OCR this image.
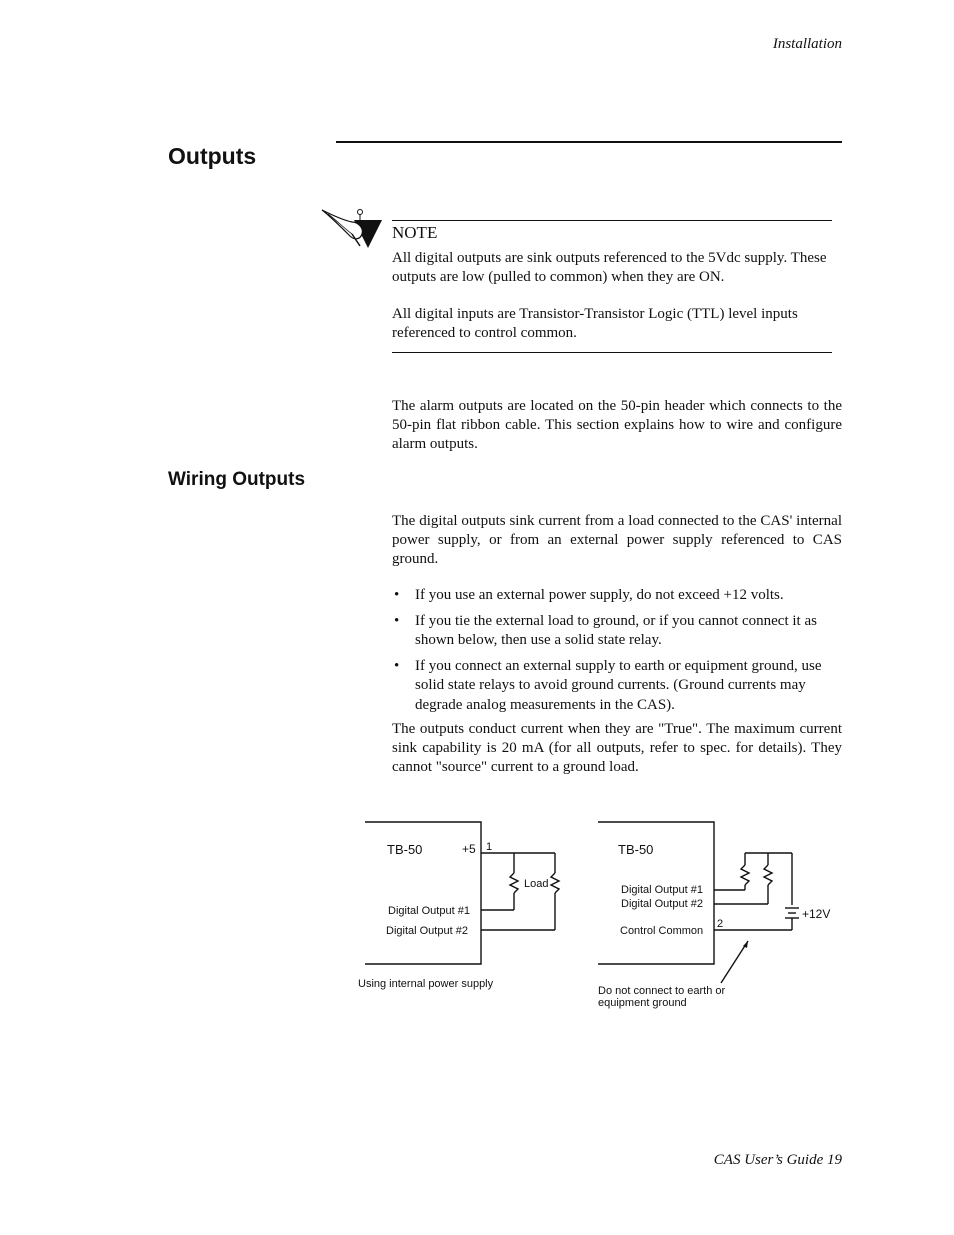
Installation
Outputs
NOTE

All digital outputs are sink outputs referenced to the 5Vdc supply. These outputs are low (pulled to common) when they are ON.

All digital inputs are Transistor-Transistor Logic (TTL) level inputs referenced to control common.

The alarm outputs are located on the 50-pin header which connects to the 50-pin flat ribbon cable. This section explains how to wire and configure alarm outputs.
Wiring Outputs
The digital outputs sink current from a load connected to the CAS' internal power supply, or from an external power supply referenced to CAS ground.
• If you use an external power supply, do not exceed +12 volts.
• If you tie the external load to ground, or if you cannot connect it as shown below, then use a solid state relay.
• If you connect an external supply to earth or equipment ground, use solid state relays to avoid ground currents. (Ground currents may degrade analog measurements in the CAS).
The outputs conduct current when they are "True". The maximum current sink capability is 20 mA (for all outputs, refer to spec. for details). They cannot "source" current to a ground load.
TB-50	+5 1
Load
Digital Output #1
Digital Output #2
Using internal power supply
TB-50
Digital Output #1
Digital Output #2
Control Common
2
+12V
Do not connect to earth or
equipment ground
CAS User’s Guide 19
